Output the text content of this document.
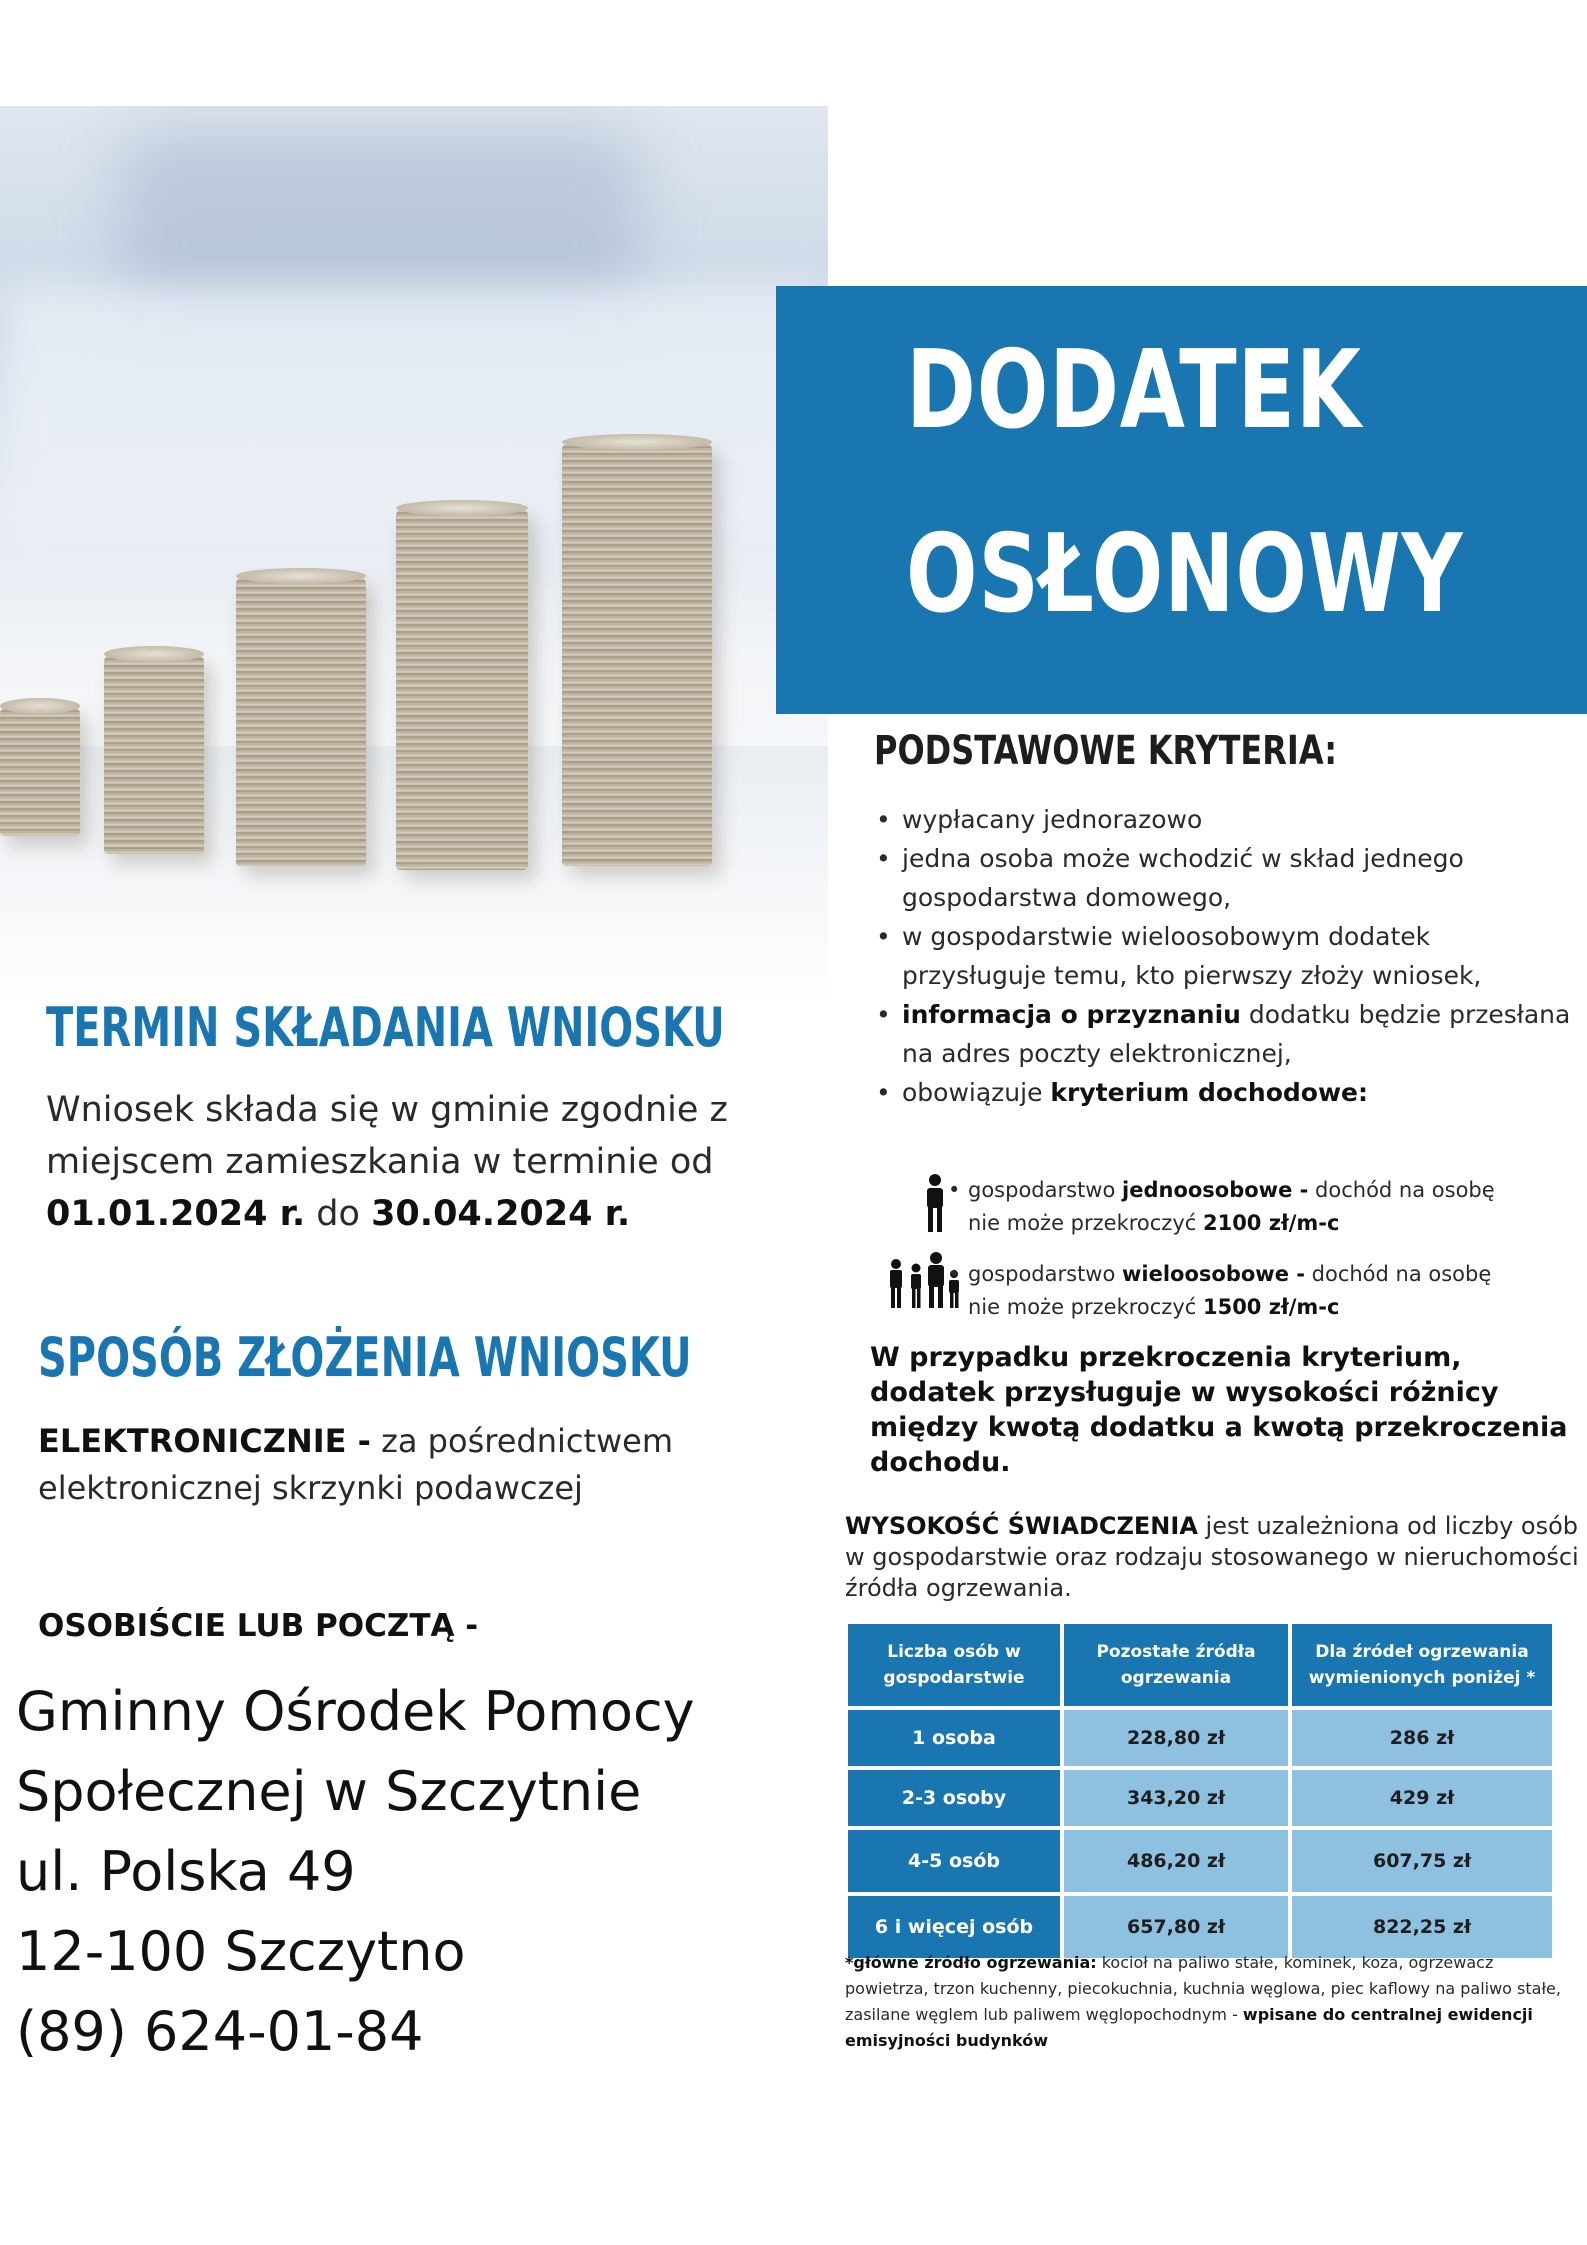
DODATEK
OSŁONOWY
PODSTAWOWE KRYTERIA:
• wypłacany jednorazowo
• jedna osoba może wchodzić w skład jednego gospodarstwa domowego,
• w gospodarstwie wieloosobowym dodatek przysługuje temu, kto pierwszy złoży wniosek,
• informacja o przyznaniu dodatku będzie przesłana na adres poczty elektronicznej,
• obowiązuje kryterium dochodowe:
• gospodarstwo jednoosobowe - dochód na osobę nie może przekroczyć 2100 zł/m-c
• gospodarstwo wieloosobowe - dochód na osobę nie może przekroczyć 1500 zł/m-c
W przypadku przekroczenia kryterium, dodatek przysługuje w wysokości różnicy między kwotą dodatku a kwotą przekroczenia dochodu.
TERMIN SKŁADANIA WNIOSKU
Wniosek składa się w gminie zgodnie z miejscem zamieszkania w terminie od 01.01.2024 r. do 30.04.2024 r.
SPOSÓB ZŁOŻENIA WNIOSKU
ELEKTRONICZNIE - za pośrednictwem elektronicznej skrzynki podawczej
OSOBIŚCIE LUB POCZTĄ -
Gminny Ośrodek Pomocy
Społecznej w Szczytnie
ul. Polska 49
12-100 Szczytno
(89) 624-01-84
WYSOKOŚĆ ŚWIADCZENIA jest uzależniona od liczby osób w gospodarstwie oraz rodzaju stosowanego w nieruchomości źródła ogrzewania.
Liczba osób w gospodarstwie	Pozostałe źródła ogrzewania	Dla źródeł ogrzewania wymienionych poniżej *
1 osoba	228,80 zł	286 zł
2-3 osoby	343,20 zł	429 zł
4-5 osób	486,20 zł	607,75 zł
6 i więcej osób	657,80 zł	822,25 zł
*główne źródło ogrzewania: kocioł na paliwo stałe, kominek, koza, ogrzewacz powietrza, trzon kuchenny, piecokuchnia, kuchnia węglowa, piec kaflowy na paliwo stałe, zasilane węglem lub paliwem węglopochodnym - wpisane do centralnej ewidencji emisyjności budynków
